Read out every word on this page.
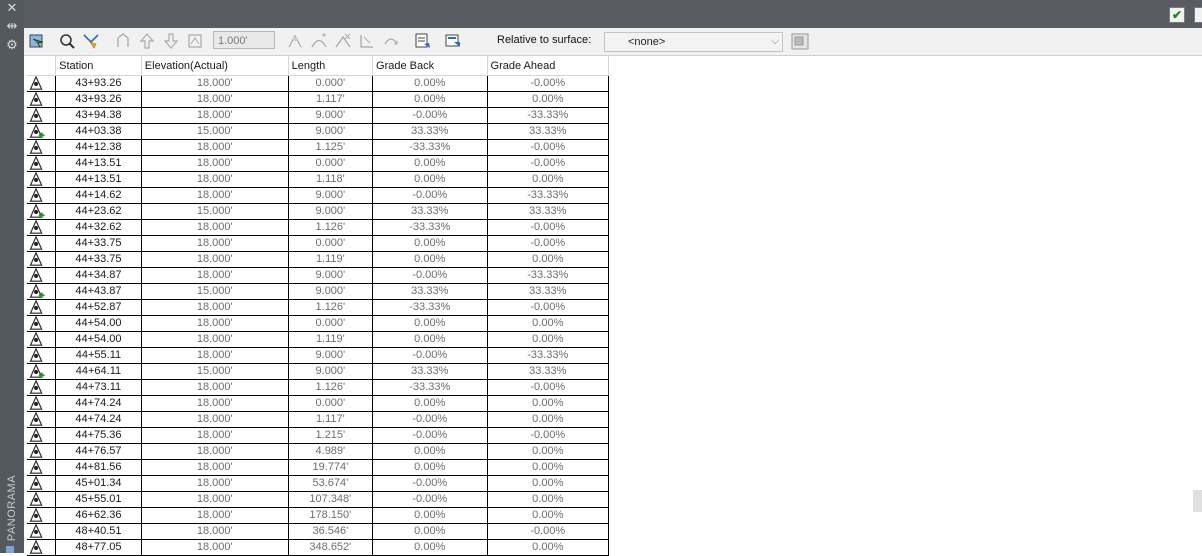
✕
⇹
⚙
PANORAMA
✔
1.000'	Relative to surface:	<none>	⌵
	Station	Elevation(Actual)	Length	Grade Back	Grade Ahead

	43+93.26	18.000'	0.000'	0.00%	-0.00%

	43+93.26	18.000'	1.117'	0.00%	0.00%

	43+94.38	18.000'	9.000'	-0.00%	-33.33%

	44+03.38	15.000'	9.000'	33.33%	33.33%

	44+12.38	18.000'	1.125'	-33.33%	-0.00%

	44+13.51	18.000'	0.000'	0.00%	-0.00%

	44+13.51	18.000'	1.118'	0.00%	0.00%

	44+14.62	18.000'	9.000'	-0.00%	-33.33%

	44+23.62	15.000'	9.000'	33.33%	33.33%

	44+32.62	18.000'	1.126'	-33.33%	-0.00%

	44+33.75	18.000'	0.000'	0.00%	-0.00%

	44+33.75	18.000'	1.119'	0.00%	0.00%

	44+34.87	18.000'	9.000'	-0.00%	-33.33%

	44+43.87	15.000'	9.000'	33.33%	33.33%

	44+52.87	18.000'	1.126'	-33.33%	-0.00%

	44+54.00	18.000'	0.000'	0.00%	0.00%

	44+54.00	18.000'	1.119'	0.00%	0.00%

	44+55.11	18.000'	9.000'	-0.00%	-33.33%

	44+64.11	15.000'	9.000'	33.33%	33.33%

	44+73.11	18.000'	1.126'	-33.33%	-0.00%

	44+74.24	18.000'	0.000'	0.00%	0.00%

	44+74.24	18.000'	1.117'	-0.00%	0.00%

	44+75.36	18.000'	1.215'	-0.00%	-0.00%

	44+76.57	18.000'	4.989'	0.00%	0.00%

	44+81.56	18.000'	19.774'	0.00%	0.00%

	45+01.34	18.000'	53.674'	-0.00%	0.00%

	45+55.01	18.000'	107.348'	-0.00%	0.00%

	46+62.36	18.000'	178.150'	0.00%	0.00%

	48+40.51	18.000'	36.546'	0.00%	-0.00%

	48+77.05	18.000'	348.652'	0.00%	0.00%
